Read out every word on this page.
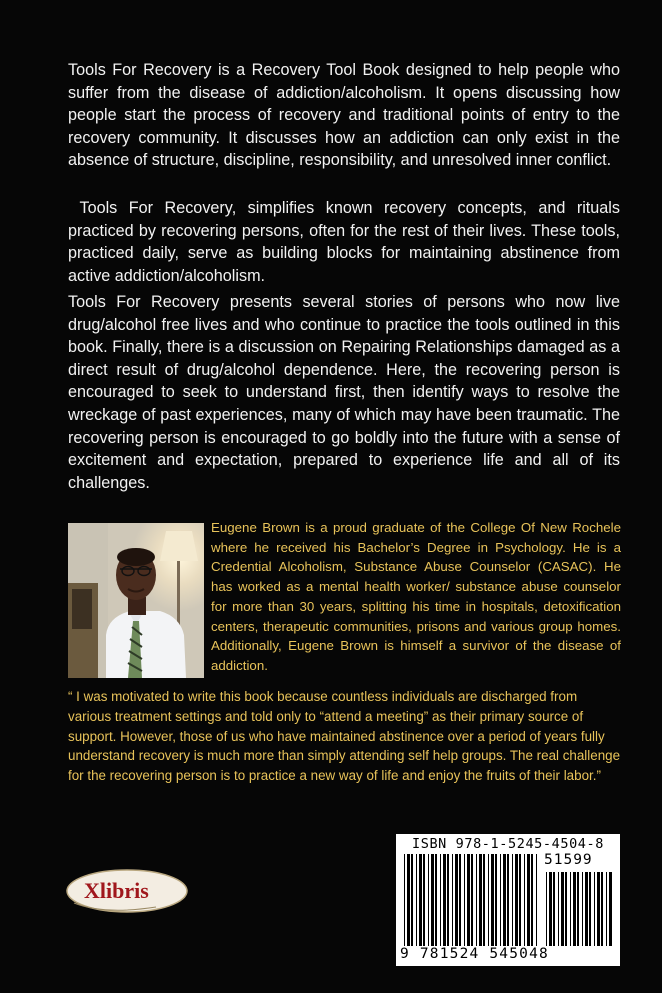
Tools For Recovery is a Recovery Tool Book designed to help people who suffer from the disease of addiction/alcoholism. It opens discussing how people start the process of recovery and traditional points of entry to the recovery community. It discusses how an addiction can only exist in the absence of structure, discipline, responsibility, and unresolved inner conflict.

Tools For Recovery, simplifies known recovery concepts, and rituals practiced by recovering persons, often for the rest of their lives. These tools, practiced daily, serve as building blocks for maintaining abstinence from active addiction/alcoholism.

Tools For Recovery presents several stories of persons who now live drug/alcohol free lives and who continue to practice the tools outlined in this book. Finally, there is a discussion on Repairing Relationships damaged as a direct result of drug/alcohol dependence. Here, the recovering person is encouraged to seek to understand first, then identify ways to resolve the wreckage of past experiences, many of which may have been traumatic. The recovering person is encouraged to go boldly into the future with a sense of excitement and expectation, prepared to experience life and all of its challenges.

Eugene Brown is a proud graduate of the College Of New Rochele where he received his Bachelor’s Degree in Psychology. He is a Credential Alcoholism, Substance Abuse Counselor (CASAC). He has worked as a mental health worker/ substance abuse counselor for more than 30 years, splitting his time in hospitals, detoxification centers, therapeutic communities, prisons and various group homes. Additionally, Eugene Brown is himself a survivor of the disease of addiction.

“ I was motivated to write this book because countless individuals are discharged from various treatment settings and told only to “attend a meeting” as their primary source of support. However, those of us who have maintained abstinence over a period of years fully understand recovery is much more than simply attending self help groups. The real challenge for the recovering person is to practice a new way of life and enjoy the fruits of their labor.”

Xlibris

ISBN 978-1-5245-4504-8

51599

9 781524 545048
